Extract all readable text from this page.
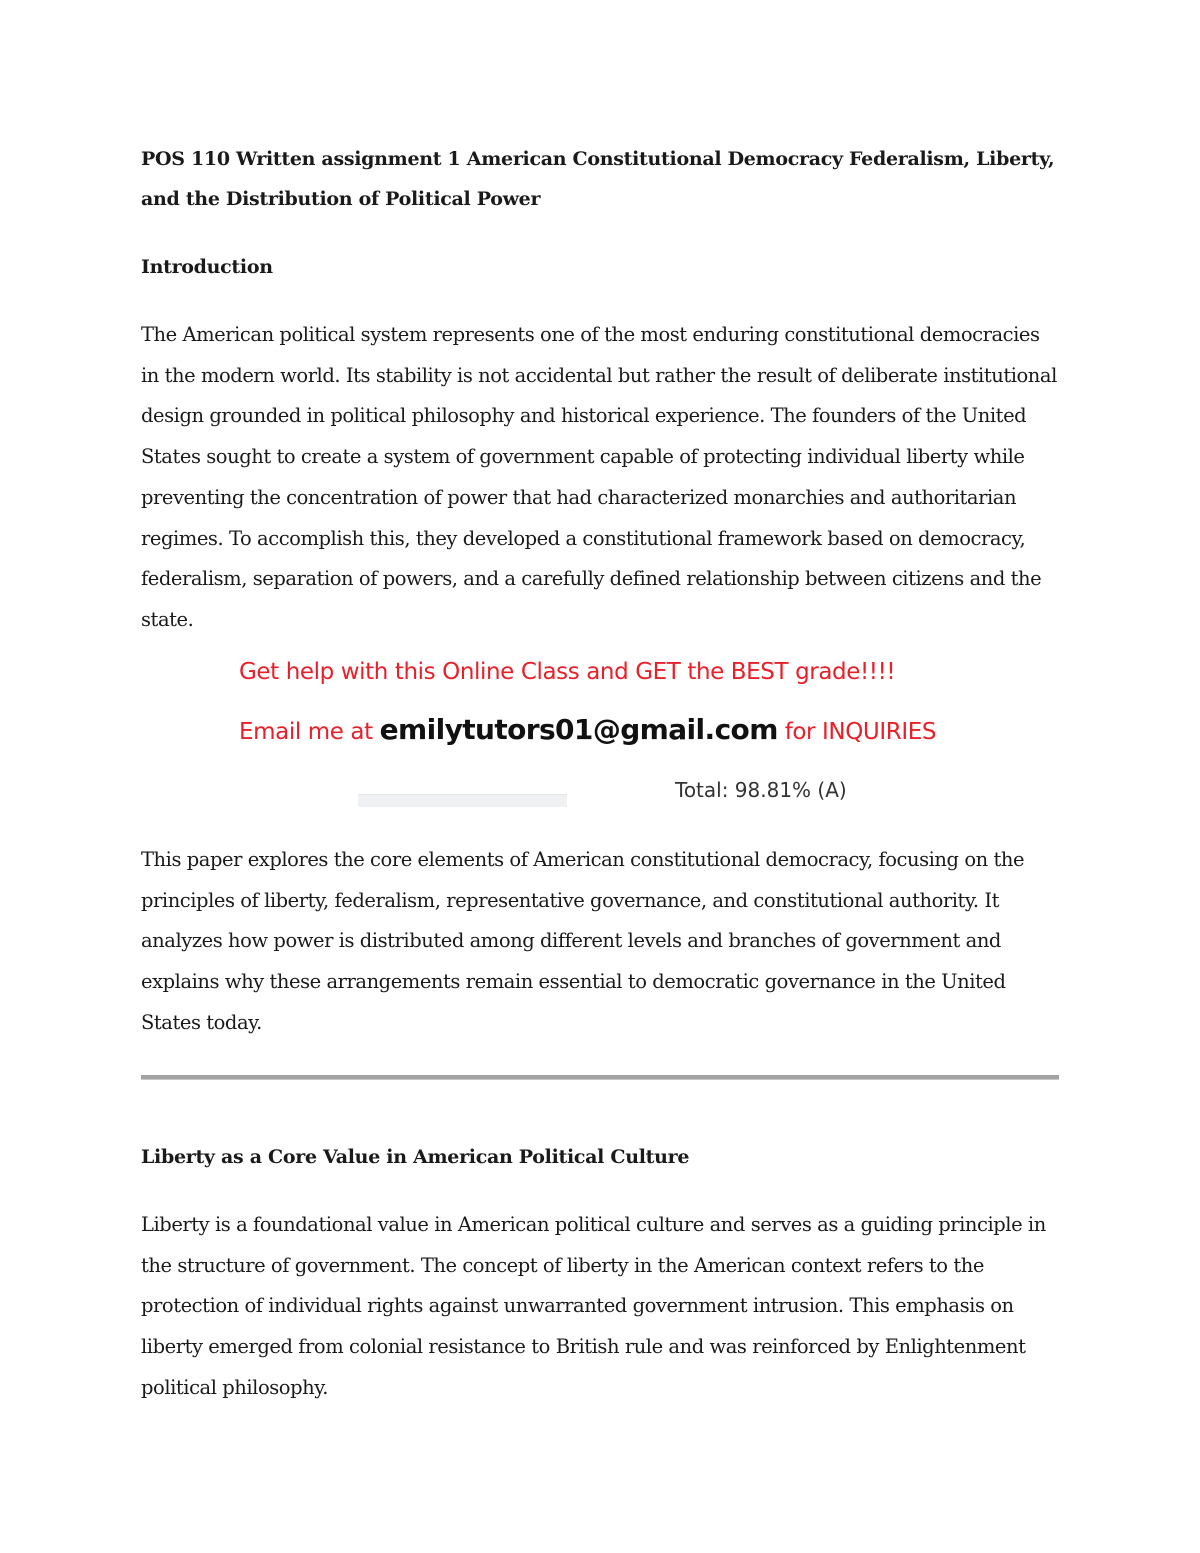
POS 110 Written assignment 1 American Constitutional Democracy Federalism, Liberty, and the Distribution of Political Power

Introduction

The American political system represents one of the most enduring constitutional democracies in the modern world. Its stability is not accidental but rather the result of deliberate institutional design grounded in political philosophy and historical experience. The founders of the United States sought to create a system of government capable of protecting individual liberty while preventing the concentration of power that had characterized monarchies and authoritarian regimes. To accomplish this, they developed a constitutional framework based on democracy, federalism, separation of powers, and a carefully defined relationship between citizens and the state.

Get help with this Online Class and GET the BEST grade!!!!
Email me at emilytutors01@gmail.com for INQUIRIES
Total: 98.81% (A)

This paper explores the core elements of American constitutional democracy, focusing on the principles of liberty, federalism, representative governance, and constitutional authority. It analyzes how power is distributed among different levels and branches of government and explains why these arrangements remain essential to democratic governance in the United States today.

Liberty as a Core Value in American Political Culture

Liberty is a foundational value in American political culture and serves as a guiding principle in the structure of government. The concept of liberty in the American context refers to the protection of individual rights against unwarranted government intrusion. This emphasis on liberty emerged from colonial resistance to British rule and was reinforced by Enlightenment political philosophy.
